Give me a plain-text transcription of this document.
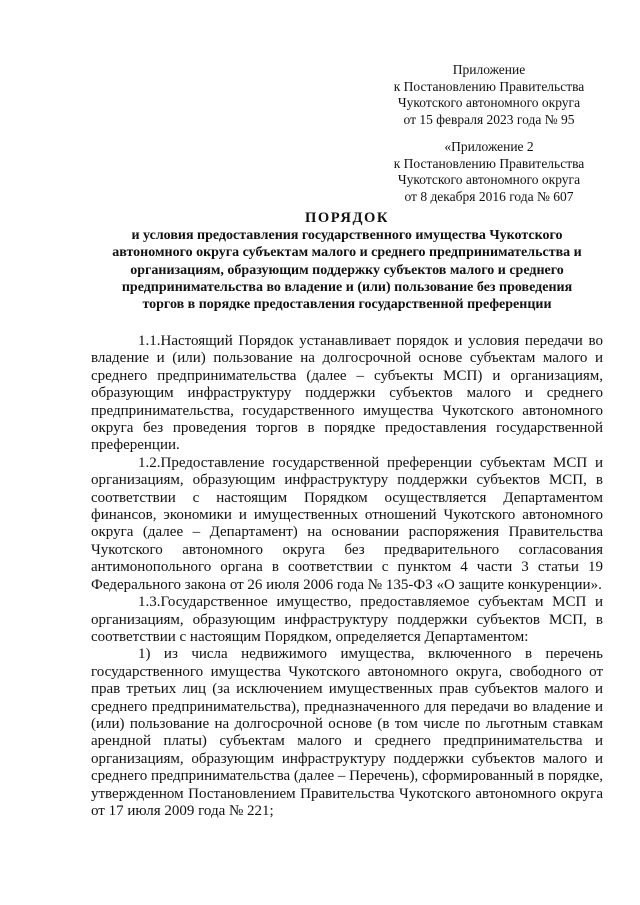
Приложение
к Постановлению Правительства
Чукотского автономного округа
от 15 февраля 2023 года № 95
«Приложение 2
к Постановлению Правительства
Чукотского автономного округа
от 8 декабря 2016 года № 607
ПОРЯДОК
и условия предоставления государственного имущества Чукотского
автономного округа субъектам малого и среднего предпринимательства и
организациям, образующим поддержку субъектов малого и среднего
предпринимательства во владение и (или) пользование без проведения
торгов в порядке предоставления государственной преференции

1.1.Настоящий Порядок устанавливает порядок и условия передачи во владение и (или) пользование на долгосрочной основе субъектам малого и среднего предпринимательства (далее – субъекты МСП) и организациям, образующим инфраструктуру поддержки субъектов малого и среднего предпринимательства, государственного имущества Чукотского автономного округа без проведения торгов в порядке предоставления государственной преференции.

1.2.Предоставление государственной преференции субъектам МСП и организациям, образующим инфраструктуру поддержки субъектов МСП, в соответствии с настоящим Порядком осуществляется Департаментом финансов, экономики и имущественных отношений Чукотского автономного округа (далее – Департамент) на основании распоряжения Правительства Чукотского автономного округа без предварительного согласования антимонопольного органа в соответствии с пунктом 4 части 3 статьи 19 Федерального закона от 26 июля 2006 года № 135-ФЗ «О защите конкуренции».

1.3.Государственное имущество, предоставляемое субъектам МСП и организациям, образующим инфраструктуру поддержки субъектов МСП, в соответствии с настоящим Порядком, определяется Департаментом:

1) из числа недвижимого имущества, включенного в перечень государственного имущества Чукотского автономного округа, свободного от прав третьих лиц (за исключением имущественных прав субъектов малого и среднего предпринимательства), предназначенного для передачи во владение и (или) пользование на долгосрочной основе (в том числе по льготным ставкам арендной платы) субъектам малого и среднего предпринимательства и организациям, образующим инфраструктуру поддержки субъектов малого и среднего предпринимательства (далее – Перечень), сформированный в порядке, утвержденном Постановлением Правительства Чукотского автономного округа от 17 июля 2009 года № 221;
